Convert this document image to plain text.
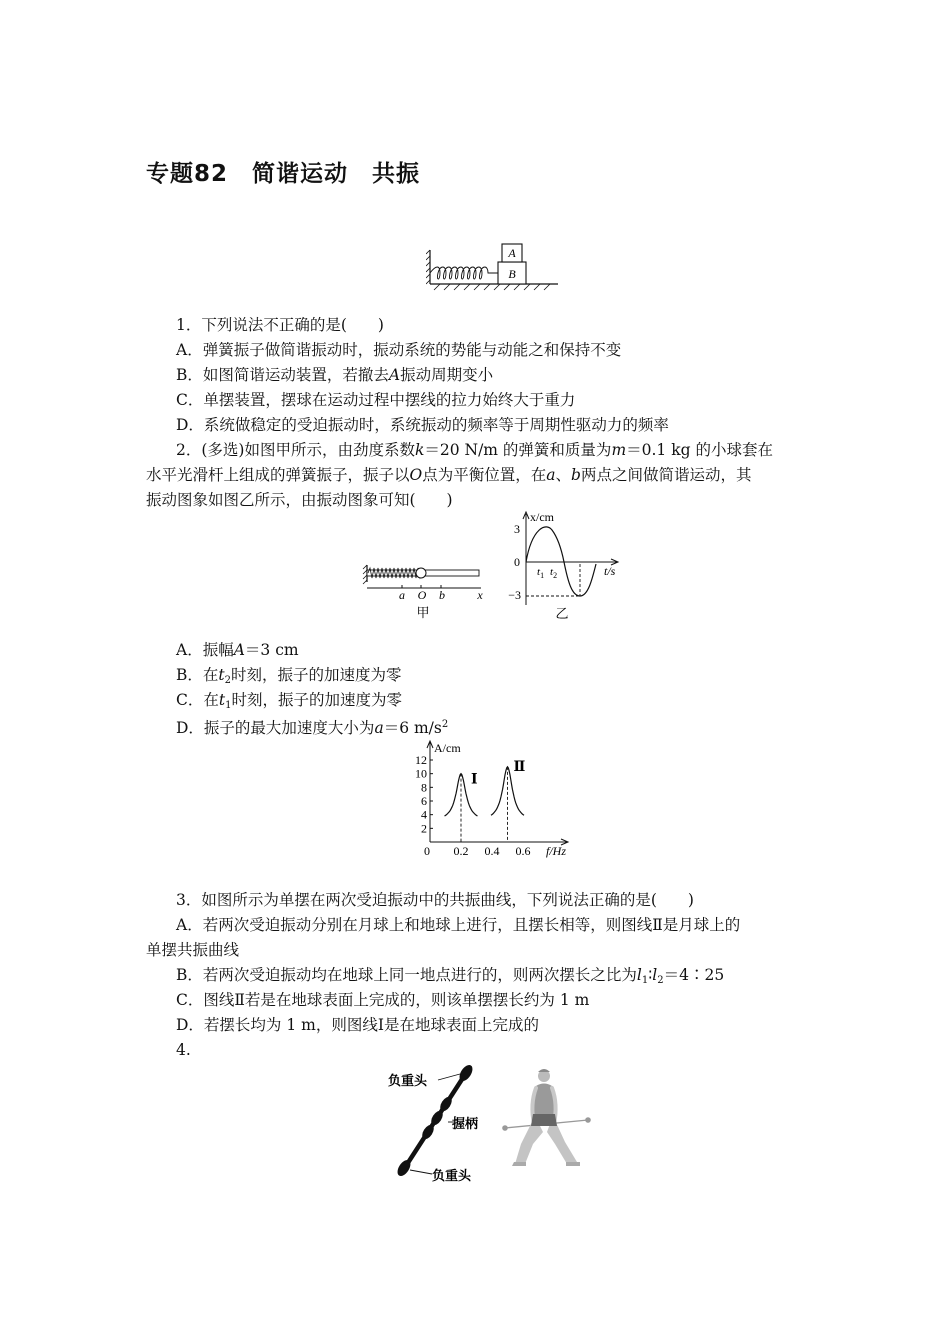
专题82　简谐运动　共振
A
B
1．下列说法不正确的是(　　)
A．弹簧振子做简谐振动时，振动系统的势能与动能之和保持不变
B．如图简谐运动装置，若撤去A振动周期变小
C．单摆装置，摆球在运动过程中摆线的拉力始终大于重力
D．系统做稳定的受迫振动时，系统振动的频率等于周期性驱动力的频率
2．(多选)如图甲所示，由劲度系数k＝20 N/m 的弹簧和质量为m＝0.1 kg 的小球套在
水平光滑杆上组成的弹簧振子，振子以O点为平衡位置，在a、b两点之间做简谐运动，其
振动图象如图乙所示，由振动图象可知(　　)
a O b	x
甲
x/cm
3
0
−3
$t_1$ $t_2$	t/s
乙
A．振幅A＝3 cm
B．在$t_2$时刻，振子的加速度为零
C．在$t_1$时刻，振子的加速度为零
D．振子的最大加速度大小为a＝6 $m/s^2$
A/cm
f/Hz
12
10
8
6
4
2
0 0.2 0.4 0.6
Ⅰ
Ⅱ
3．如图所示为单摆在两次受迫振动中的共振曲线，下列说法正确的是(　　)
A．若两次受迫振动分别在月球上和地球上进行，且摆长相等，则图线Ⅱ是月球上的
单摆共振曲线
B．若两次受迫振动均在地球上同一地点进行的，则两次摆长之比为$l_1∶l_2=4∶25$
C．图线Ⅱ若是在地球表面上完成的，则该单摆摆长约为 1 m
D．若摆长均为 1 m，则图线Ⅰ是在地球表面上完成的
4.
负重头
握柄
负重头
